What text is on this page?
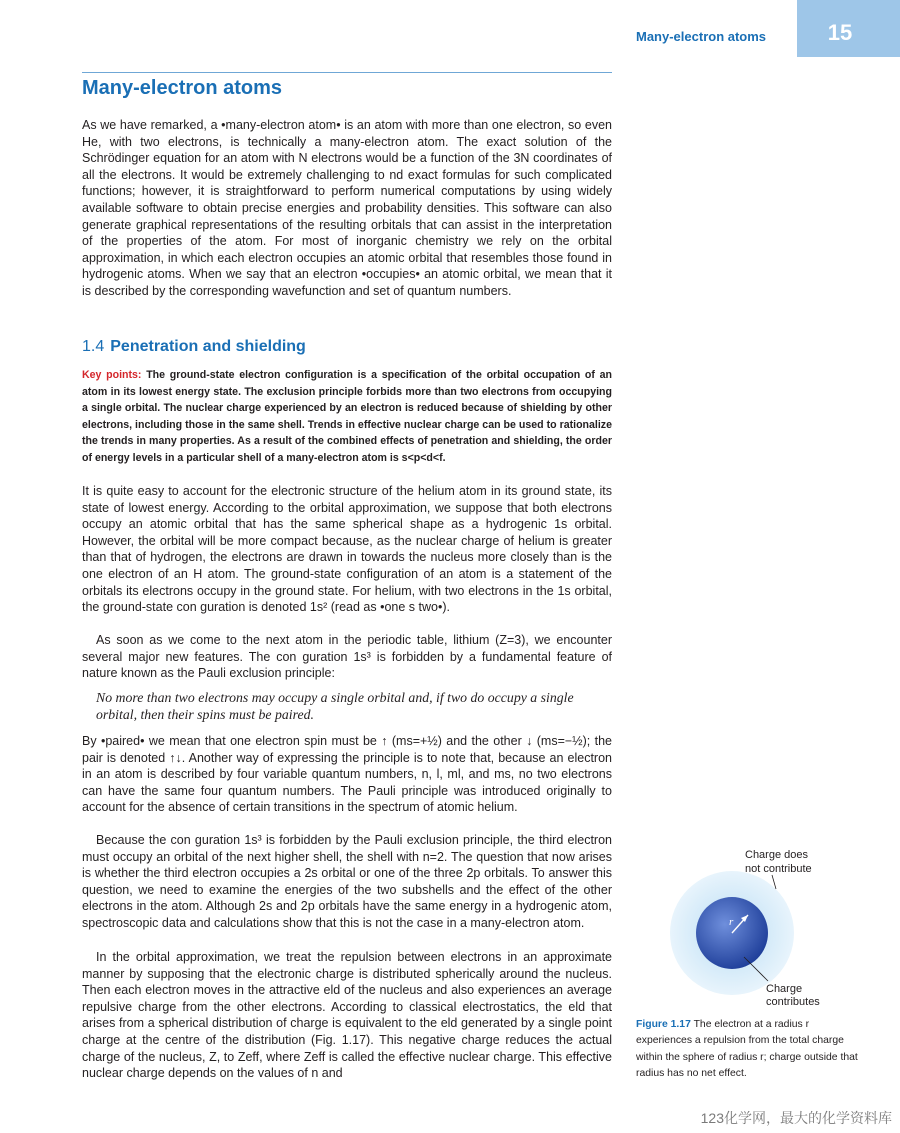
Many-electron atoms	15
Many-electron atoms

As we have remarked, a •many-electron atom• is an atom with more than one electron, so even He, with two electrons, is technically a many-electron atom. The exact solution of the Schrödinger equation for an atom with N electrons would be a function of the 3N coordinates of all the electrons. It would be extremely challenging to nd exact formulas for such complicated functions; however, it is straightforward to perform numerical computations by using widely available software to obtain precise energies and probability densities. This software can also generate graphical representations of the resulting orbitals that can assist in the interpretation of the properties of the atom. For most of inorganic chemistry we rely on the orbital approximation, in which each electron occupies an atomic orbital that resembles those found in hydrogenic atoms. When we say that an electron •occupies• an atomic orbital, we mean that it is described by the corresponding wavefunction and set of quantum numbers.

1.4 Penetration and shielding

Key points: The ground-state electron configuration is a specification of the orbital occupation of an atom in its lowest energy state. The exclusion principle forbids more than two electrons from occupying a single orbital. The nuclear charge experienced by an electron is reduced because of shielding by other electrons, including those in the same shell. Trends in effective nuclear charge can be used to rationalize the trends in many properties. As a result of the combined effects of penetration and shielding, the order of energy levels in a particular shell of a many-electron atom is s<p<d<f.

It is quite easy to account for the electronic structure of the helium atom in its ground state, its state of lowest energy. According to the orbital approximation, we suppose that both electrons occupy an atomic orbital that has the same spherical shape as a hydrogenic 1s orbital. However, the orbital will be more compact because, as the nuclear charge of helium is greater than that of hydrogen, the electrons are drawn in towards the nucleus more closely than is the one electron of an H atom. The ground-state configuration of an atom is a statement of the orbitals its electrons occupy in the ground state. For helium, with two electrons in the 1s orbital, the ground-state con guration is denoted 1s² (read as •one s two•).

As soon as we come to the next atom in the periodic table, lithium (Z=3), we encounter several major new features. The con guration 1s³ is forbidden by a fundamental feature of nature known as the Pauli exclusion principle:

No more than two electrons may occupy a single orbital and, if two do occupy a single orbital, then their spins must be paired.

By •paired• we mean that one electron spin must be ↑ (ms=+½) and the other ↓ (ms=−½); the pair is denoted ↑↓. Another way of expressing the principle is to note that, because an electron in an atom is described by four variable quantum numbers, n, l, ml, and ms, no two electrons can have the same four quantum numbers. The Pauli principle was introduced originally to account for the absence of certain transitions in the spectrum of atomic helium.

Because the con guration 1s³ is forbidden by the Pauli exclusion principle, the third electron must occupy an orbital of the next higher shell, the shell with n=2. The question that now arises is whether the third electron occupies a 2s orbital or one of the three 2p orbitals. To answer this question, we need to examine the energies of the two subshells and the effect of the other electrons in the atom. Although 2s and 2p orbitals have the same energy in a hydrogenic atom, spectroscopic data and calculations show that this is not the case in a many-electron atom.

In the orbital approximation, we treat the repulsion between electrons in an approximate manner by supposing that the electronic charge is distributed spherically around the nucleus. Then each electron moves in the attractive eld of the nucleus and also experiences an average repulsive charge from the other electrons. According to classical electrostatics, the eld that arises from a spherical distribution of charge is equivalent to the eld generated by a single point charge at the centre of the distribution (Fig. 1.17). This negative charge reduces the actual charge of the nucleus, Z, to Zeff, where Zeff is called the effective nuclear charge. This effective nuclear charge depends on the values of n and

r
Charge does not contribute
Charge contributes

Figure 1.17 The electron at a radius r experiences a repulsion from the total charge within the sphere of radius r; charge outside that radius has no net effect.

123化学网，最大的化学资料库
